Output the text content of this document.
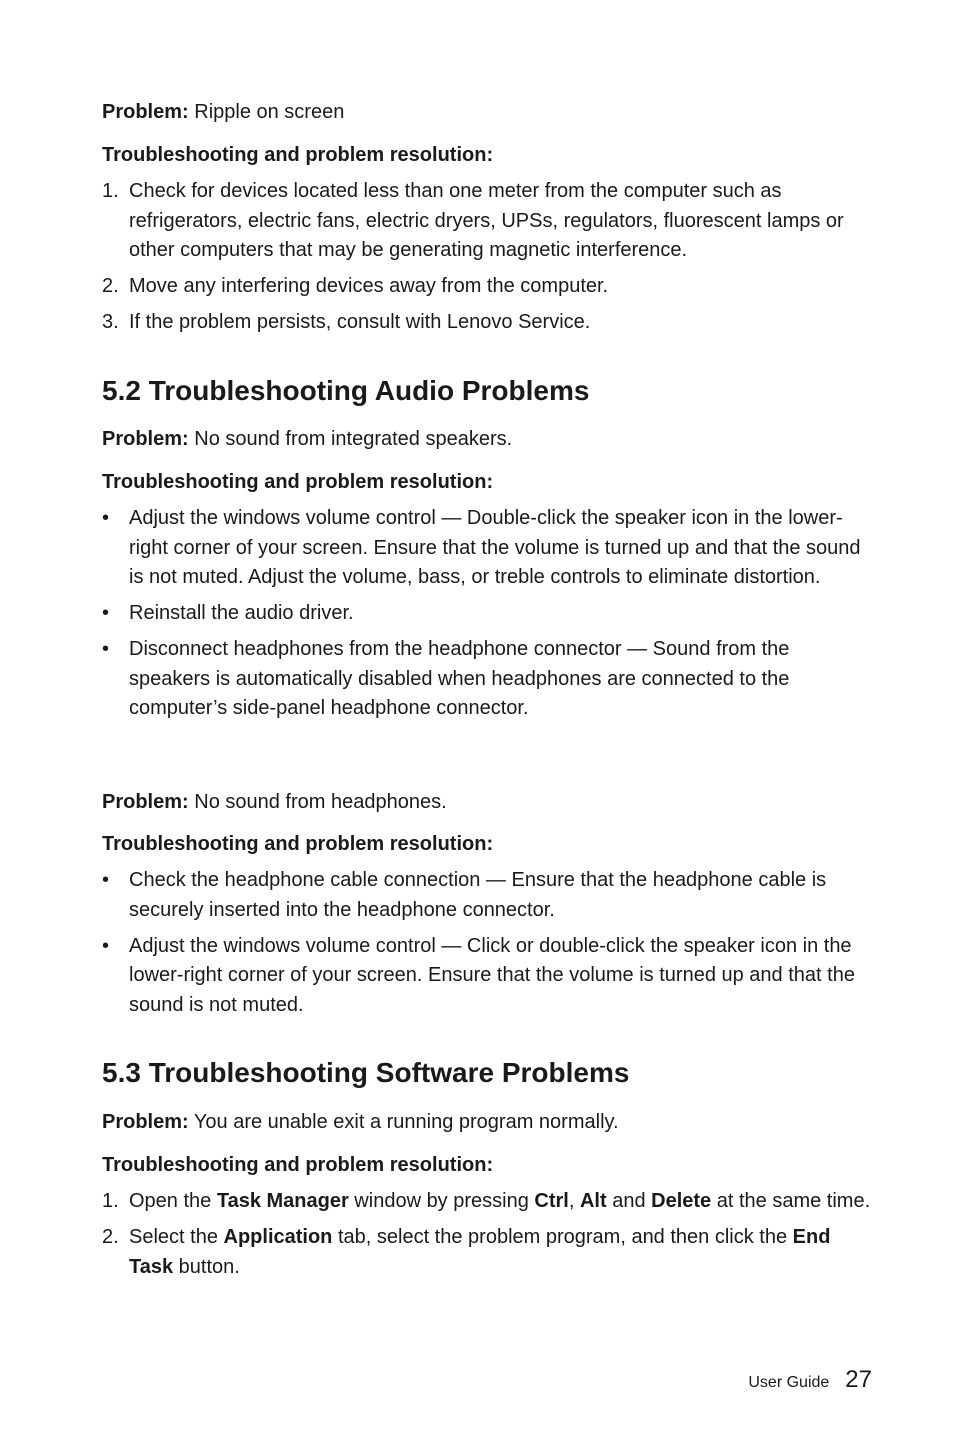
Problem: Ripple on screen

Troubleshooting and problem resolution:

1. Check for devices located less than one meter from the computer such as refrigerators, electric fans, electric dryers, UPSs, regulators, fluorescent lamps or other computers that may be generating magnetic interference.
2. Move any interfering devices away from the computer.
3. If the problem persists, consult with Lenovo Service.
5.2 Troubleshooting Audio Problems

Problem: No sound from integrated speakers.

Troubleshooting and problem resolution:

• Adjust the windows volume control — Double-click the speaker icon in the lower-right corner of your screen. Ensure that the volume is turned up and that the sound is not muted. Adjust the volume, bass, or treble controls to eliminate distortion.
• Reinstall the audio driver.
• Disconnect headphones from the headphone connector — Sound from the speakers is automatically disabled when headphones are connected to the computer’s side-panel headphone connector.

Problem: No sound from headphones.

Troubleshooting and problem resolution:

• Check the headphone cable connection — Ensure that the headphone cable is securely inserted into the headphone connector.
• Adjust the windows volume control — Click or double-click the speaker icon in the lower-right corner of your screen. Ensure that the volume is turned up and that the sound is not muted.
5.3 Troubleshooting Software Problems

Problem: You are unable exit a running program normally.

Troubleshooting and problem resolution:

1. Open the Task Manager window by pressing Ctrl, Alt and Delete at the same time.
2. Select the Application tab, select the problem program, and then click the End Task button.
User Guide 27
